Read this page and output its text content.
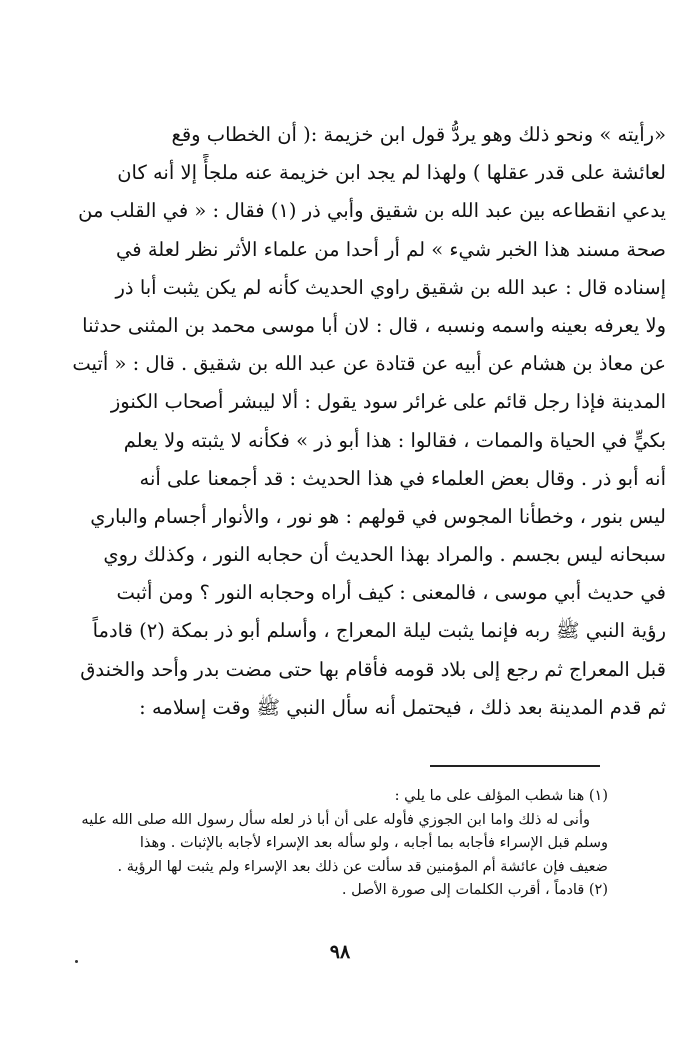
«رأيته » ونحو ذلك وهو يردُّ قول ابن خزيمة :( أن الخطاب وقع
لعائشة على قدر عقلها ) ولهذا لم يجد ابن خزيمة عنه ملجأً إلا أنه كان
يدعي انقطاعه بين عبد الله بن شقيق وأبي ذر (١) فقال : « في القلب من
صحة مسند هذا الخبر شيء » لم أر أحدا من علماء الأثر نظر لعلة في
إسناده قال : عبد الله بن شقيق راوي الحديث كأنه لم يكن يثبت أبا ذر
ولا يعرفه بعينه واسمه ونسبه ، قال : لان أبا موسى محمد بن المثنى حدثنا
عن معاذ بن هشام عن أبيه عن قتادة عن عبد الله بن شقيق . قال : « أتيت
المدينة فإذا رجل قائم على غرائر سود يقول : ألا ليبشر أصحاب الكنوز
بكيٍّ في الحياة والممات ، فقالوا : هذا أبو ذر » فكأنه لا يثبته ولا يعلم
أنه أبو ذر . وقال بعض العلماء في هذا الحديث : قد أجمعنا على أنه
ليس بنور ، وخطأنا المجوس في قولهم : هو نور ، والأنوار أجسام والباري
سبحانه ليس بجسم . والمراد بهذا الحديث أن حجابه النور ، وكذلك روي
في حديث أبي موسى ، فالمعنى : كيف أراه وحجابه النور ؟ ومن أثبت
رؤية النبي ﷺ ربه فإنما يثبت ليلة المعراج ، وأسلم أبو ذر بمكة (٢) قادماً
قبل المعراج ثم رجع إلى بلاد قومه فأقام بها حتى مضت بدر وأحد والخندق
ثم قدم المدينة بعد ذلك ، فيحتمل أنه سأل النبي ﷺ وقت إسلامه :
(١) هنا شطب المؤلف على ما يلي :
وأنى له ذلك واما ابن الجوزي فأوله على أن أبا ذر لعله سأل رسول الله صلى الله عليه
وسلم قبل الإسراء فأجابه بما أجابه ، ولو سأله بعد الإسراء لأجابه بالإثبات . وهذا
ضعيف فإن عائشة أم المؤمنين قد سألت عن ذلك بعد الإسراء ولم يثبت لها الرؤية .
(٢) قادماً ، أقرب الكلمات إلى صورة الأصل .
٩٨
